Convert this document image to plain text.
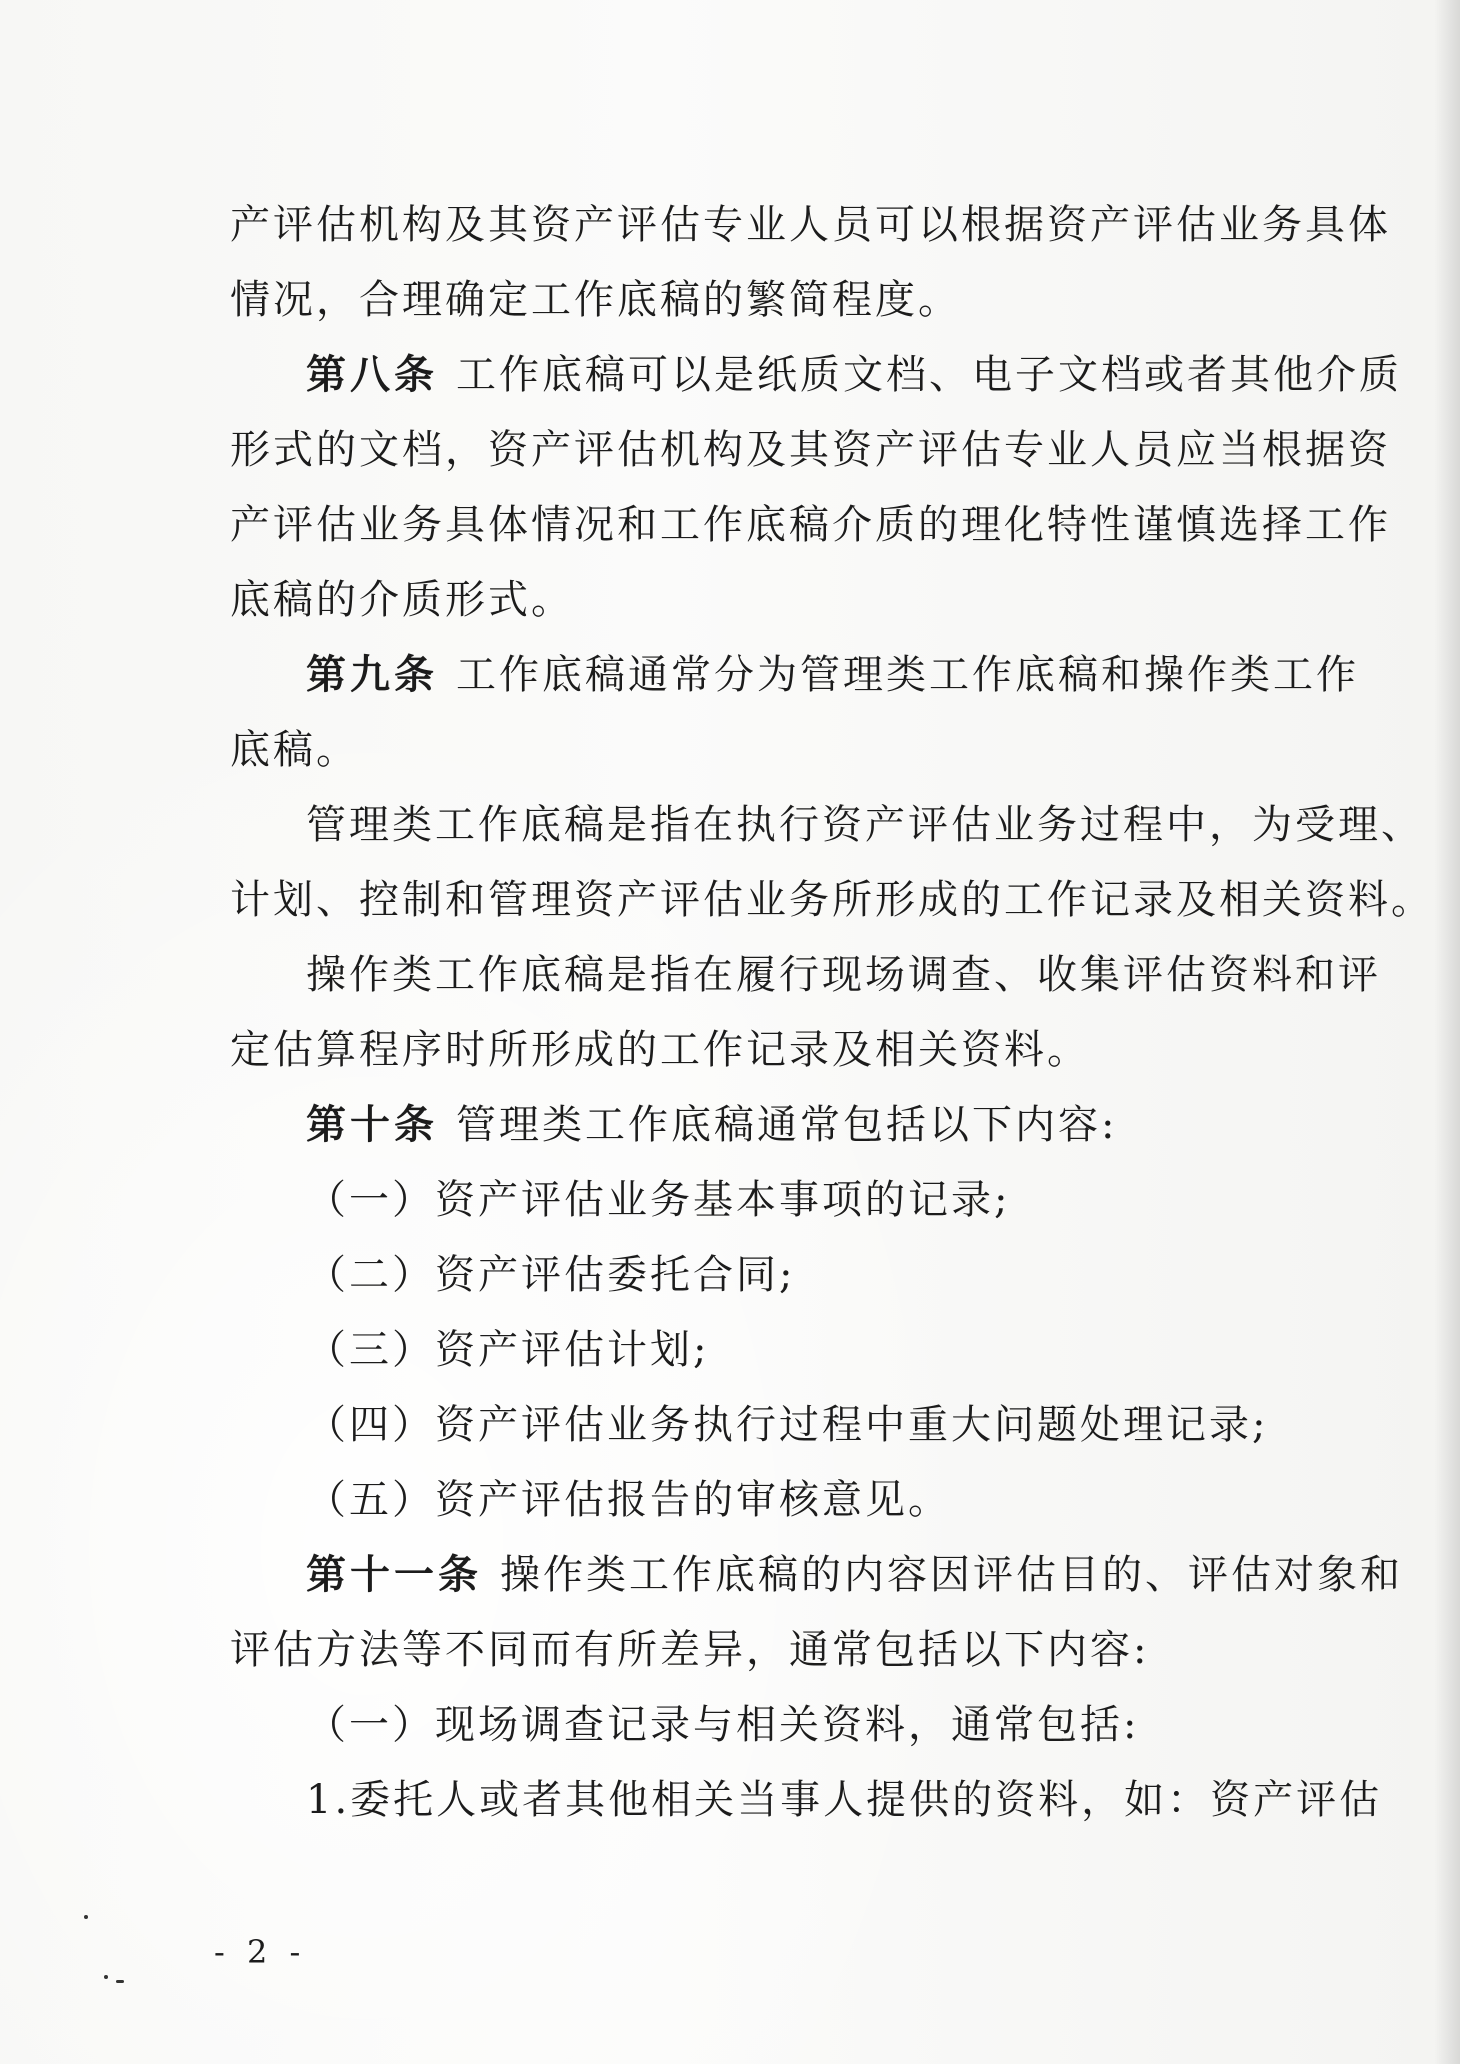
产评估机构及其资产评估专业人员可以根据资产评估业务具体
情况，合理确定工作底稿的繁简程度。
第八条 工作底稿可以是纸质文档、电子文档或者其他介质
形式的文档，资产评估机构及其资产评估专业人员应当根据资
产评估业务具体情况和工作底稿介质的理化特性谨慎选择工作
底稿的介质形式。
第九条 工作底稿通常分为管理类工作底稿和操作类工作
底稿。
管理类工作底稿是指在执行资产评估业务过程中，为受理、
计划、控制和管理资产评估业务所形成的工作记录及相关资料。
操作类工作底稿是指在履行现场调查、收集评估资料和评
定估算程序时所形成的工作记录及相关资料。
第十条 管理类工作底稿通常包括以下内容:
（一）资产评估业务基本事项的记录;
（二）资产评估委托合同;
（三）资产评估计划;
（四）资产评估业务执行过程中重大问题处理记录;
（五）资产评估报告的审核意见。
第十一条 操作类工作底稿的内容因评估目的、评估对象和
评估方法等不同而有所差异，通常包括以下内容:
（一）现场调查记录与相关资料，通常包括:
1.委托人或者其他相关当事人提供的资料，如：资产评估
- 2 -
